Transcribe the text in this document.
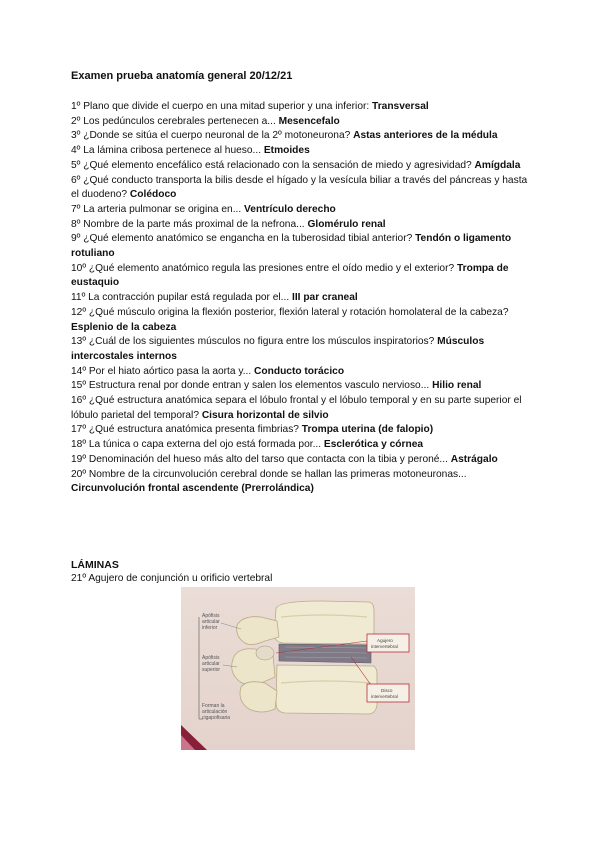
Examen prueba anatomía general 20/12/21
1º Plano que divide el cuerpo en una mitad superior y una inferior: Transversal
2º Los pedúnculos cerebrales pertenecen a... Mesencefalo
3º ¿Donde se sitúa el cuerpo neuronal de la 2º motoneurona? Astas anteriores de la médula
4º La lámina cribosa pertenece al hueso... Etmoides
5º ¿Qué elemento encefálico está relacionado con la sensación de miedo y agresividad? Amígdala
6º ¿Qué conducto transporta la bilis desde el hígado y la vesícula biliar a través del páncreas y hasta el duodeno? Colédoco
7º La arteria pulmonar se origina en... Ventrículo derecho
8º Nombre de la parte más proximal de la nefrona... Glomérulo renal
9º ¿Qué elemento anatómico se engancha en la tuberosidad tibial anterior? Tendón o ligamento rotuliano
10º ¿Qué elemento anatómico regula las presiones entre el oído medio y el exterior? Trompa de eustaquio
11º La contracción pupilar está regulada por el... III par craneal
12º ¿Qué músculo origina la flexión posterior, flexión lateral y rotación homolateral de la cabeza? Esplenio de la cabeza
13º ¿Cuál de los siguientes músculos no figura entre los músculos inspiratorios? Músculos intercostales internos
14º Por el hiato aórtico pasa la aorta y... Conducto torácico
15º Estructura renal por donde entran y salen los elementos vasculo nervioso... Hilio renal
16º ¿Qué estructura anatómica separa el lóbulo frontal y el lóbulo temporal y en su parte superior el lóbulo parietal del temporal? Cisura horizontal de silvio
17º ¿Qué estructura anatómica presenta fimbrias? Trompa uterina (de falopio)
18º La túnica o capa externa del ojo está formada por... Esclerótica y córnea
19º Denominación del hueso más alto del tarso que contacta con la tibia y peroné... Astrágalo
20º Nombre de la circunvolución cerebral donde se hallan las primeras motoneuronas... Circunvolución frontal ascendente (Prerrolándica)
LÁMINAS

21º Agujero de conjunción u orificio vertebral

Apófisis
articular
inferior
Apófisis
articular
superior
Forman la
articulación
cigapofisaria
Agujero
intervertebral
Disco
intervertebral
›
